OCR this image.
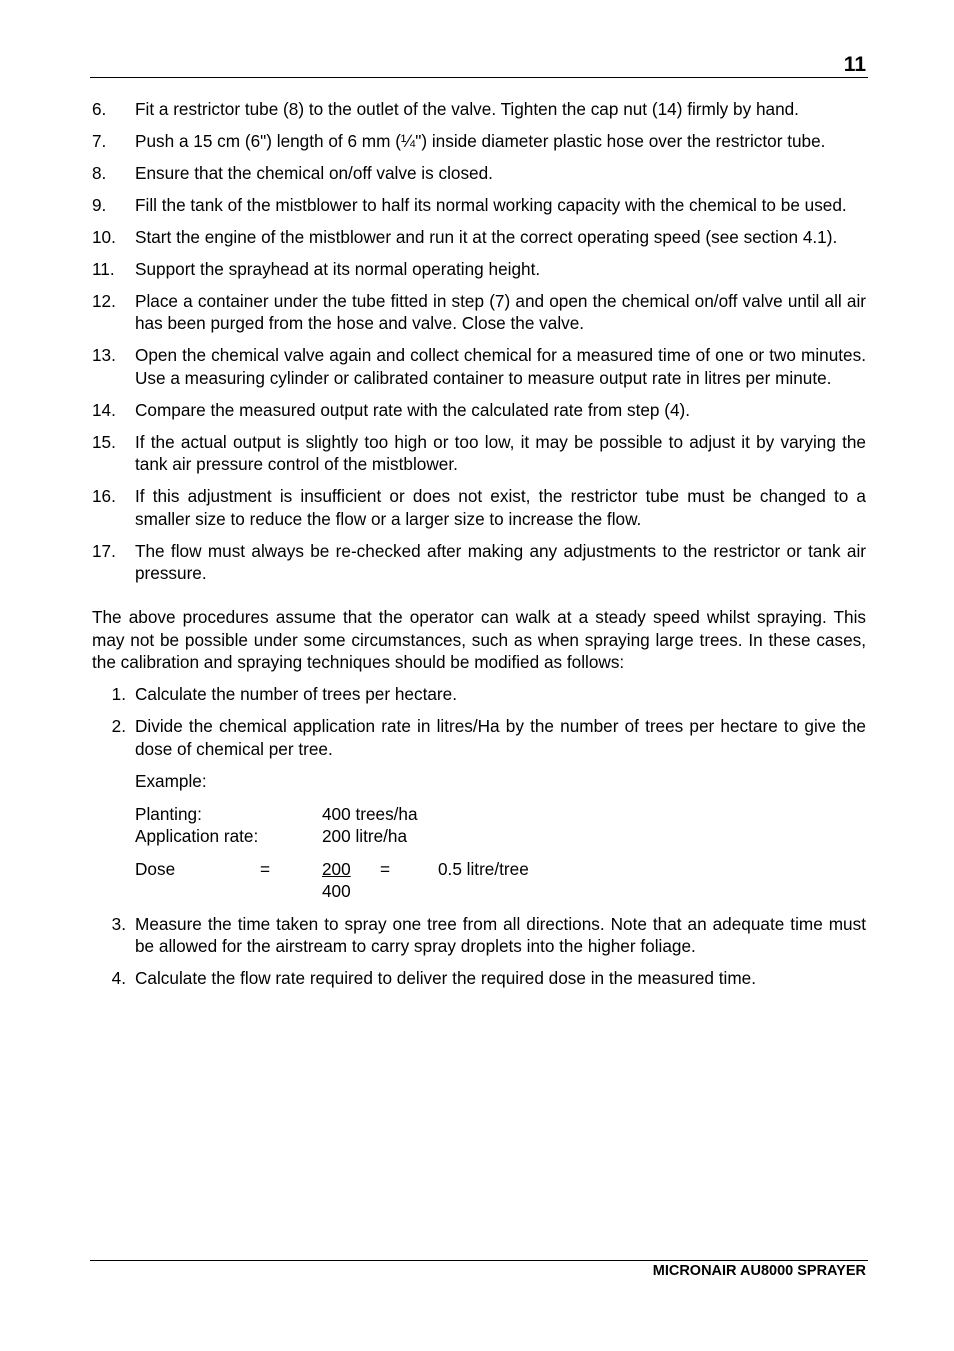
11
6.	Fit a restrictor tube (8) to the outlet of the valve. Tighten the cap nut (14) firmly by hand.
7.	Push a 15 cm (6") length of 6 mm (¼") inside diameter plastic hose over the restrictor tube.
8.	Ensure that the chemical on/off valve is closed.
9.	Fill the tank of the mistblower to half its normal working capacity with the chemical to be used.
10.	Start the engine of the mistblower and run it at the correct operating speed (see section 4.1).
11.	Support the sprayhead at its normal operating height.
12.	Place a container under the tube fitted in step (7) and open the chemical on/off valve until all air has been purged from the hose and valve. Close the valve.
13.	Open the chemical valve again and collect chemical for a measured time of one or two minutes. Use a measuring cylinder or calibrated container to measure output rate in litres per minute.
14.	Compare the measured output rate with the calculated rate from step (4).
15.	If the actual output is slightly too high or too low, it may be possible to adjust it by varying the tank air pressure control of the mistblower.
16.	If this adjustment is insufficient or does not exist, the restrictor tube must be changed to a smaller size to reduce the flow or a larger size to increase the flow.
17.	The flow must always be re-checked after making any adjustments to the restrictor or tank air pressure.
The above procedures assume that the operator can walk at a steady speed whilst spraying. This may not be possible under some circumstances, such as when spraying large trees. In these cases, the calibration and spraying techniques should be modified as follows:
1. Calculate the number of trees per hectare.
2. Divide the chemical application rate in litres/Ha by the number of trees per hectare to give the dose of chemical per tree.
Example:
Planting:	400 trees/ha
Application rate:	200 litre/ha
Dose	=	$\frac{200}{400}$ =	0.5 litre/tree
3. Measure the time taken to spray one tree from all directions. Note that an adequate time must be allowed for the airstream to carry spray droplets into the higher foliage.
4. Calculate the flow rate required to deliver the required dose in the measured time.
MICRONAIR AU8000 SPRAYER
